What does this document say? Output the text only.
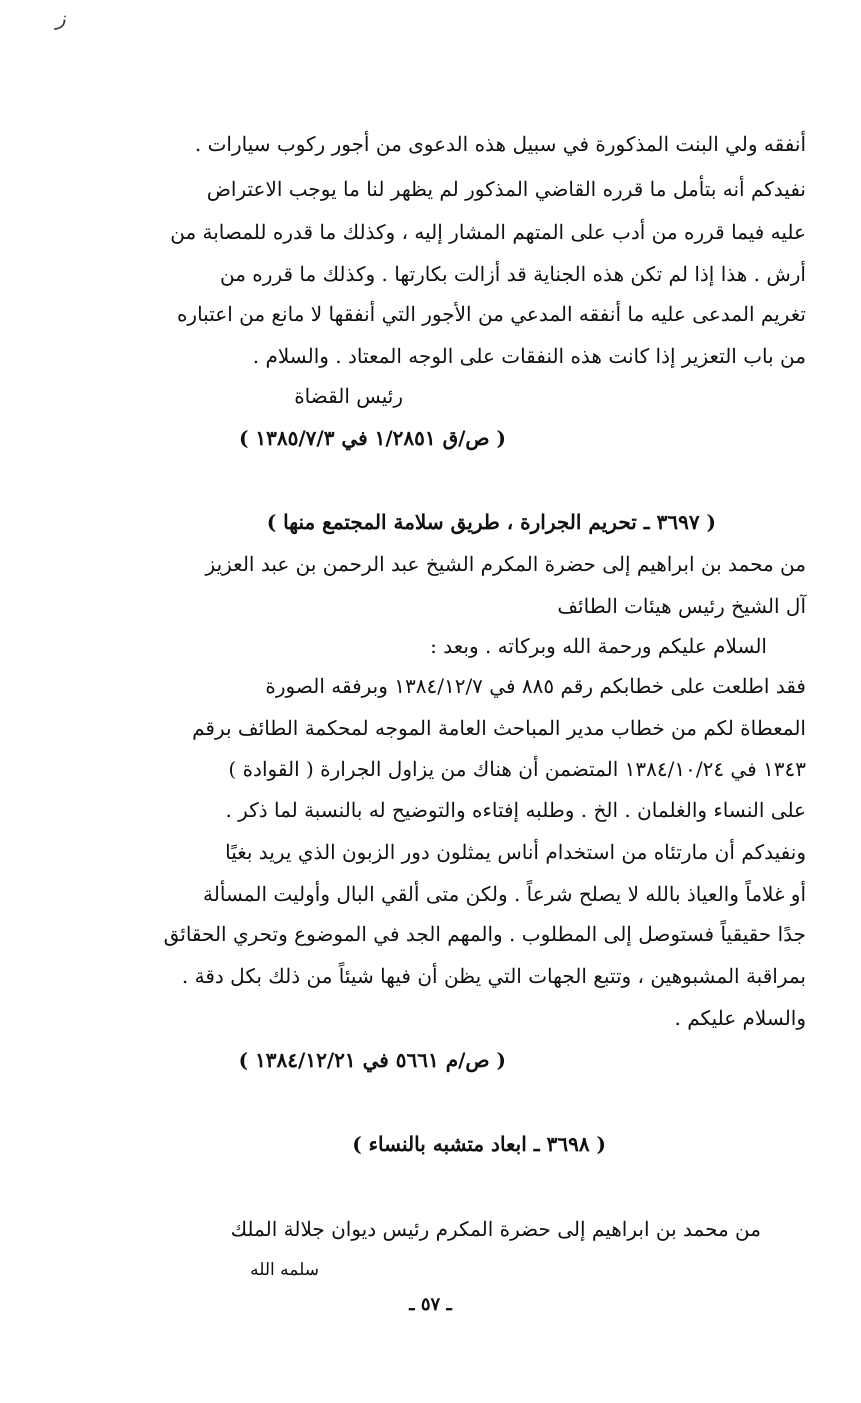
ز
أنفقه ولي البنت المذكورة في سبيل هذه الدعوى من أجور ركوب سيارات .
نفيدكم أنه بتأمل ما قرره القاضي المذكور لم يظهر لنا ما يوجب الاعتراض
عليه فيما قرره من أدب على المتهم المشار إليه ، وكذلك ما قدره للمصابة من
أرش . هذا إذا لم تكن هذه الجناية قد أزالت بكارتها . وكذلك ما قرره من
تغريم المدعى عليه ما أنفقه المدعي من الأجور التي أنفقها لا مانع من اعتباره
من باب التعزير إذا كانت هذه النفقات على الوجه المعتاد . والسلام .
رئيس القضاة
( ص/ق ١/٢٨٥١ في ١٣٨٥/٧/٣ )
( ٣٦٩٧ ـ تحريم الجرارة ، طريق سلامة المجتمع منها )
من محمد بن ابراهيم إلى حضرة المكرم الشيخ عبد الرحمن بن عبد العزيز
آل الشيخ رئيس هيئات الطائف
السلام عليكم ورحمة الله وبركاته . وبعد :
فقد اطلعت على خطابكم رقم ٨٨٥ في ١٣٨٤/١٢/٧ وبرفقه الصورة
المعطاة لكم من خطاب مدير المباحث العامة الموجه لمحكمة الطائف برقم
١٣٤٣ في ١٣٨٤/١٠/٢٤ المتضمن أن هناك من يزاول الجرارة ( القوادة )
على النساء والغلمان . الخ . وطلبه إفتاءه والتوضيح له بالنسبة لما ذكر .
ونفيدكم أن مارتئاه من استخدام أناس يمثلون دور الزبون الذي يريد بغيًا
أو غلاماً والعياذ بالله لا يصلح شرعاً . ولكن متى ألقي البال وأوليت المسألة
جدًا حقيقياً فستوصل إلى المطلوب . والمهم الجد في الموضوع وتحري الحقائق
بمراقبة المشبوهين ، وتتبع الجهات التي يظن أن فيها شيئاً من ذلك بكل دقة .
والسلام عليكم .
( ص/م ٥٦٦١ في ١٣٨٤/١٢/٢١ )
( ٣٦٩٨ ـ ابعاد متشبه بالنساء )
من محمد بن ابراهيم إلى حضرة المكرم رئيس ديوان جلالة الملك
سلمه الله
ـ ٥٧ ـ
